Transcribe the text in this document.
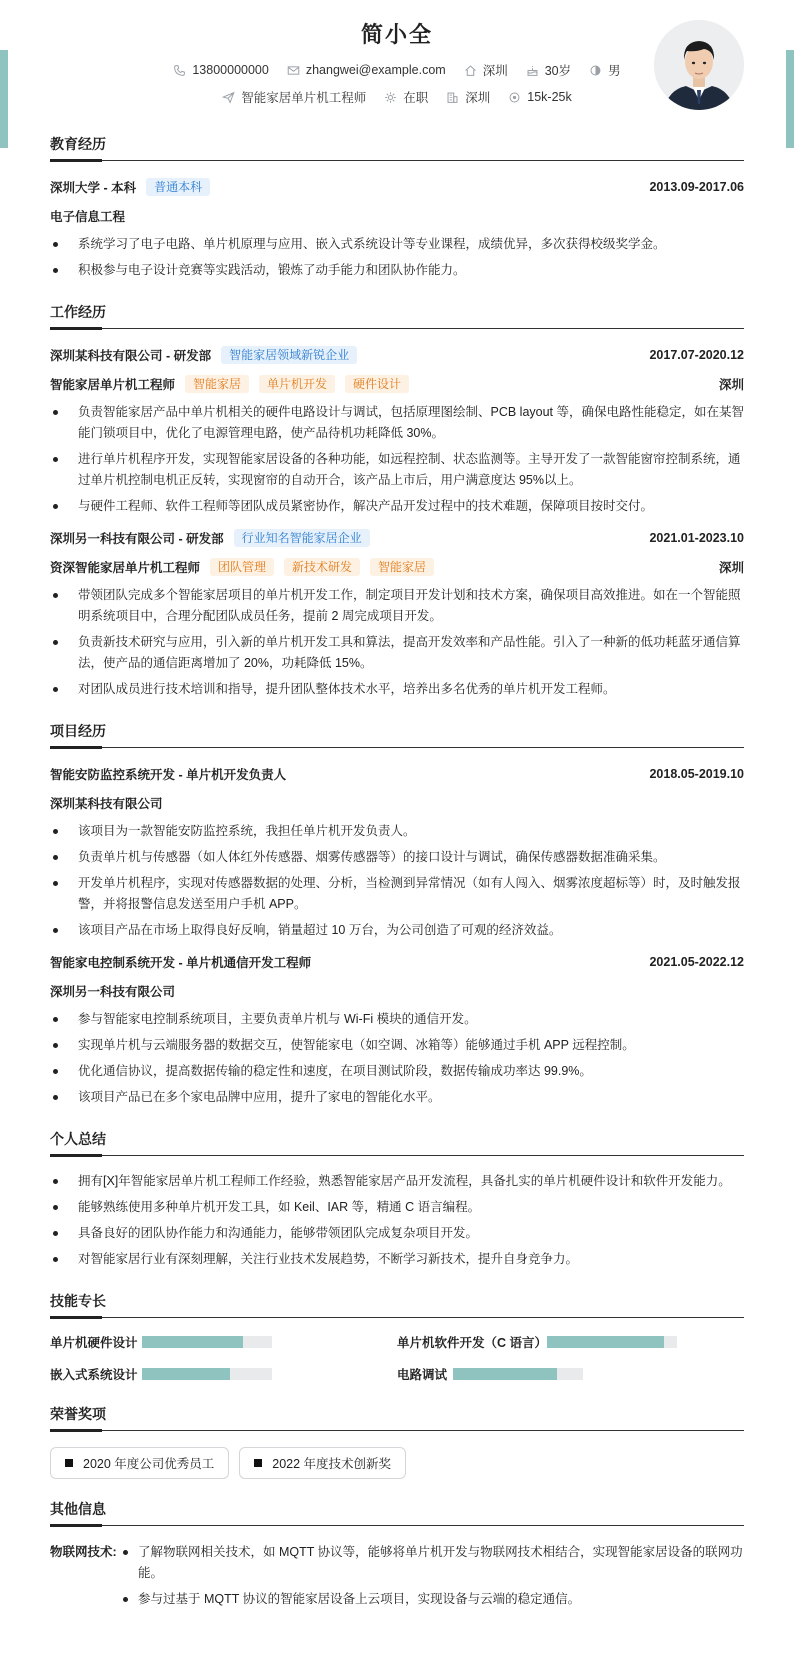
简小全
13800000000	zhangwei@example.com	深圳	30岁	男
智能家居单片机工程师	在职	深圳	15k-25k
教育经历
深圳大学 - 本科	普通本科	2013.09-2017.06
电子信息工程
系统学习了电子电路、单片机原理与应用、嵌入式系统设计等专业课程，成绩优异，多次获得校级奖学金。
积极参与电子设计竞赛等实践活动，锻炼了动手能力和团队协作能力。
工作经历
深圳某科技有限公司 - 研发部	智能家居领域新锐企业	2017.07-2020.12
智能家居单片机工程师	智能家居	单片机开发	硬件设计	深圳
负责智能家居产品中单片机相关的硬件电路设计与调试，包括原理图绘制、PCB layout 等，确保电路性能稳定，如在某智能门锁项目中，优化了电源管理电路，使产品待机功耗降低 30%。
进行单片机程序开发，实现智能家居设备的各种功能，如远程控制、状态监测等。主导开发了一款智能窗帘控制系统，通过单片机控制电机正反转，实现窗帘的自动开合，该产品上市后，用户满意度达 95%以上。
与硬件工程师、软件工程师等团队成员紧密协作，解决产品开发过程中的技术难题，保障项目按时交付。
深圳另一科技有限公司 - 研发部	行业知名智能家居企业	2021.01-2023.10
资深智能家居单片机工程师	团队管理	新技术研发	智能家居	深圳
带领团队完成多个智能家居项目的单片机开发工作，制定项目开发计划和技术方案，确保项目高效推进。如在一个智能照明系统项目中，合理分配团队成员任务，提前 2 周完成项目开发。
负责新技术研究与应用，引入新的单片机开发工具和算法，提高开发效率和产品性能。引入了一种新的低功耗蓝牙通信算法，使产品的通信距离增加了 20%，功耗降低 15%。
对团队成员进行技术培训和指导，提升团队整体技术水平，培养出多名优秀的单片机开发工程师。
项目经历
智能安防监控系统开发 - 单片机开发负责人	2018.05-2019.10
深圳某科技有限公司
该项目为一款智能安防监控系统，我担任单片机开发负责人。
负责单片机与传感器（如人体红外传感器、烟雾传感器等）的接口设计与调试，确保传感器数据准确采集。
开发单片机程序，实现对传感器数据的处理、分析，当检测到异常情况（如有人闯入、烟雾浓度超标等）时，及时触发报警，并将报警信息发送至用户手机 APP。
该项目产品在市场上取得良好反响，销量超过 10 万台，为公司创造了可观的经济效益。
智能家电控制系统开发 - 单片机通信开发工程师	2021.05-2022.12
深圳另一科技有限公司
参与智能家电控制系统项目，主要负责单片机与 Wi-Fi 模块的通信开发。
实现单片机与云端服务器的数据交互，使智能家电（如空调、冰箱等）能够通过手机 APP 远程控制。
优化通信协议，提高数据传输的稳定性和速度，在项目测试阶段，数据传输成功率达 99.9%。
该项目产品已在多个家电品牌中应用，提升了家电的智能化水平。
个人总结
拥有[X]年智能家居单片机工程师工作经验，熟悉智能家居产品开发流程，具备扎实的单片机硬件设计和软件开发能力。
能够熟练使用多种单片机开发工具，如 Keil、IAR 等，精通 C 语言编程。
具备良好的团队协作能力和沟通能力，能够带领团队完成复杂项目开发。
对智能家居行业有深刻理解，关注行业技术发展趋势，不断学习新技术，提升自身竞争力。
技能专长
单片机硬件设计	单片机软件开发（C 语言）
嵌入式系统设计	电路调试
荣誉奖项
2020 年度公司优秀员工	2022 年度技术创新奖
其他信息
物联网技术:	了解物联网相关技术，如 MQTT 协议等，能够将单片机开发与物联网技术相结合，实现智能家居设备的联网功能。
参与过基于 MQTT 协议的智能家居设备上云项目，实现设备与云端的稳定通信。
